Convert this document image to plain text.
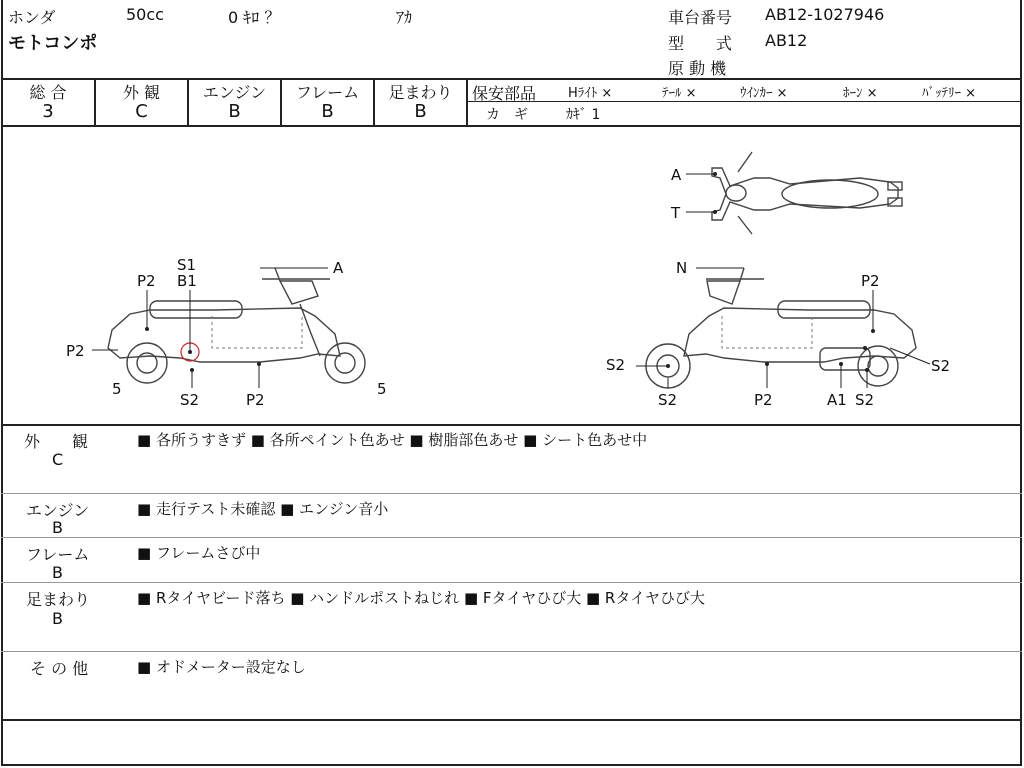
ホンダ	50cc	0 ｷﾛ ？	ｱｶ
モトコンポ
車台番号 AB12-1027946
型　　式 AB12
原 動 機
総 合
3
外 観
C
エンジン
B
フレーム
B
足まわり
B
保安部品 Hﾗｲﾄ ×	ﾃｰﾙ ×	ｳｲﾝｶｰ ×	ﾎｰﾝ ×	ﾊﾞｯﾃﾘｰ ×
カ　ギ	ｶｷﾞ 1
A
T
S1
B1
P2
A
P2
5	5
S2	P2
N
P2
S2	S2
S2	P2	A1 S2
外　　観
C
■ 各所うすきず ■ 各所ペイント色あせ ■ 樹脂部色あせ ■ シート色あせ中
エンジン
B
■ 走行テスト未確認 ■ エンジン音小
フレーム
B
■ フレームさび中
足まわり
B
■ Rタイヤビード落ち ■ ハンドルポストねじれ ■ Fタイヤひび大 ■ Rタイヤひび大
そ の 他	■ オドメーター設定なし
